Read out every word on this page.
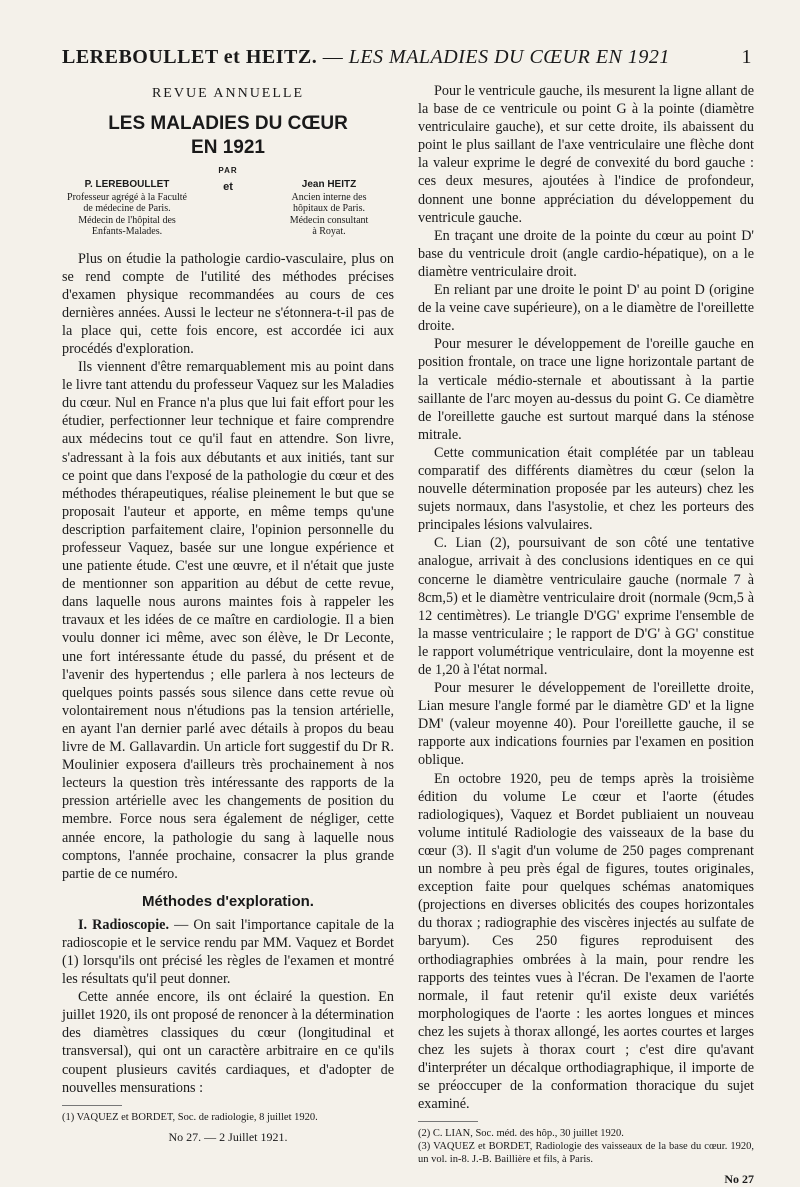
LEREBOULLET et HEITZ. — LES MALADIES DU CŒUR EN 1921	1
REVUE ANNUELLE
LES MALADIES DU CŒUR
EN 1921
PAR
P. LEREBOULLET
Professeur agrégé à la Faculté
de médecine de Paris.
Médecin de l'hôpital des
Enfants-Malades.
et	Jean HEITZ
Ancien interne des
hôpitaux de Paris.
Médecin consultant
à Royat.

Plus on étudie la pathologie cardio-vasculaire, plus on se rend compte de l'utilité des méthodes précises d'examen physique recommandées au cours de ces dernières années. Aussi le lecteur ne s'étonnera-t-il pas de la place qui, cette fois encore, est accordée ici aux procédés d'exploration.

Ils viennent d'être remarquablement mis au point dans le livre tant attendu du professeur Vaquez sur les Maladies du cœur. Nul en France n'a plus que lui fait effort pour les étudier, perfectionner leur technique et faire comprendre aux médecins tout ce qu'il faut en attendre. Son livre, s'adressant à la fois aux débutants et aux initiés, tant sur ce point que dans l'exposé de la pathologie du cœur et des méthodes thérapeutiques, réalise pleinement le but que se proposait l'auteur et apporte, en même temps qu'une description parfaitement claire, l'opinion personnelle du professeur Vaquez, basée sur une longue expérience et une patiente étude. C'est une œuvre, et il n'était que juste de mentionner son apparition au début de cette revue, dans laquelle nous aurons maintes fois à rappeler les travaux et les idées de ce maître en cardiologie. Il a bien voulu donner ici même, avec son élève, le Dr Leconte, une fort intéressante étude du passé, du présent et de l'avenir des hypertendus ; elle parlera à nos lecteurs de quelques points passés sous silence dans cette revue où volontairement nous n'étudions pas la tension artérielle, en ayant l'an dernier parlé avec détails à propos du beau livre de M. Gallavardin. Un article fort suggestif du Dr R. Moulinier exposera d'ailleurs très prochainement à nos lecteurs la question très intéressante des rapports de la pression artérielle avec les changements de position du membre. Force nous sera également de négliger, cette année encore, la pathologie du sang à laquelle nous comptons, l'année prochaine, consacrer la plus grande partie de ce numéro.

Méthodes d'exploration.

I. Radioscopie. — On sait l'importance capitale de la radioscopie et le service rendu par MM. Vaquez et Bordet (1) lorsqu'ils ont précisé les règles de l'examen et montré les résultats qu'il peut donner.

Cette année encore, ils ont éclairé la question. En juillet 1920, ils ont proposé de renoncer à la détermination des diamètres classiques du cœur (longitudinal et transversal), qui ont un caractère arbitraire en ce qu'ils coupent plusieurs cavités cardiaques, et d'adopter de nouvelles mensurations :

(1) VAQUEZ et BORDET, Soc. de radiologie, 8 juillet 1920.
No 27. — 2 Juillet 1921.

Pour le ventricule gauche, ils mesurent la ligne allant de la base de ce ventricule ou point G à la pointe (diamètre ventriculaire gauche), et sur cette droite, ils abaissent du point le plus saillant de l'axe ventriculaire une flèche dont la valeur exprime le degré de convexité du bord gauche : ces deux mesures, ajoutées à l'indice de profondeur, donnent une bonne appréciation du développement du ventricule gauche.

En traçant une droite de la pointe du cœur au point D' base du ventricule droit (angle cardio-hépatique), on a le diamètre ventriculaire droit.

En reliant par une droite le point D' au point D (origine de la veine cave supérieure), on a le diamètre de l'oreillette droite.

Pour mesurer le développement de l'oreille gauche en position frontale, on trace une ligne horizontale partant de la verticale médio-sternale et aboutissant à la partie saillante de l'arc moyen au-dessus du point G. Ce diamètre de l'oreillette gauche est surtout marqué dans la sténose mitrale.

Cette communication était complétée par un tableau comparatif des différents diamètres du cœur (selon la nouvelle détermination proposée par les auteurs) chez les sujets normaux, dans l'asystolie, et chez les porteurs des principales lésions valvulaires.

C. Lian (2), poursuivant de son côté une tentative analogue, arrivait à des conclusions identiques en ce qui concerne le diamètre ventriculaire gauche (normale 7 à 8cm,5) et le diamètre ventriculaire droit (normale (9cm,5 à 12 centimètres). Le triangle D'GG' exprime l'ensemble de la masse ventriculaire ; le rapport de D'G' à GG' constitue le rapport volumétrique ventriculaire, dont la moyenne est de 1,20 à l'état normal.

Pour mesurer le développement de l'oreillette droite, Lian mesure l'angle formé par le diamètre GD' et la ligne DM' (valeur moyenne 40). Pour l'oreillette gauche, il se rapporte aux indications fournies par l'examen en position oblique.

En octobre 1920, peu de temps après la troisième édition du volume Le cœur et l'aorte (études radiologiques), Vaquez et Bordet publiaient un nouveau volume intitulé Radiologie des vaisseaux de la base du cœur (3). Il s'agit d'un volume de 250 pages comprenant un nombre à peu près égal de figures, toutes originales, exception faite pour quelques schémas anatomiques (projections en diverses oblicités des coupes horizontales du thorax ; radiographie des viscères injectés au sulfate de baryum). Ces 250 figures reproduisent des orthodiagraphies ombrées à la main, pour rendre les rapports des teintes vues à l'écran. De l'examen de l'aorte normale, il faut retenir qu'il existe deux variétés morphologiques de l'aorte : les aortes longues et minces chez les sujets à thorax allongé, les aortes courtes et larges chez les sujets à thorax court ; c'est dire qu'avant d'interpréter un décalque orthodiagraphique, il importe de se préoccuper de la conformation thoracique du sujet examiné.

(2) C. LIAN, Soc. méd. des hôp., 30 juillet 1920.
(3) VAQUEZ et BORDET, Radiologie des vaisseaux de la base du cœur. 1920, un vol. in-8. J.-B. Baillière et fils, à Paris.
No 27
